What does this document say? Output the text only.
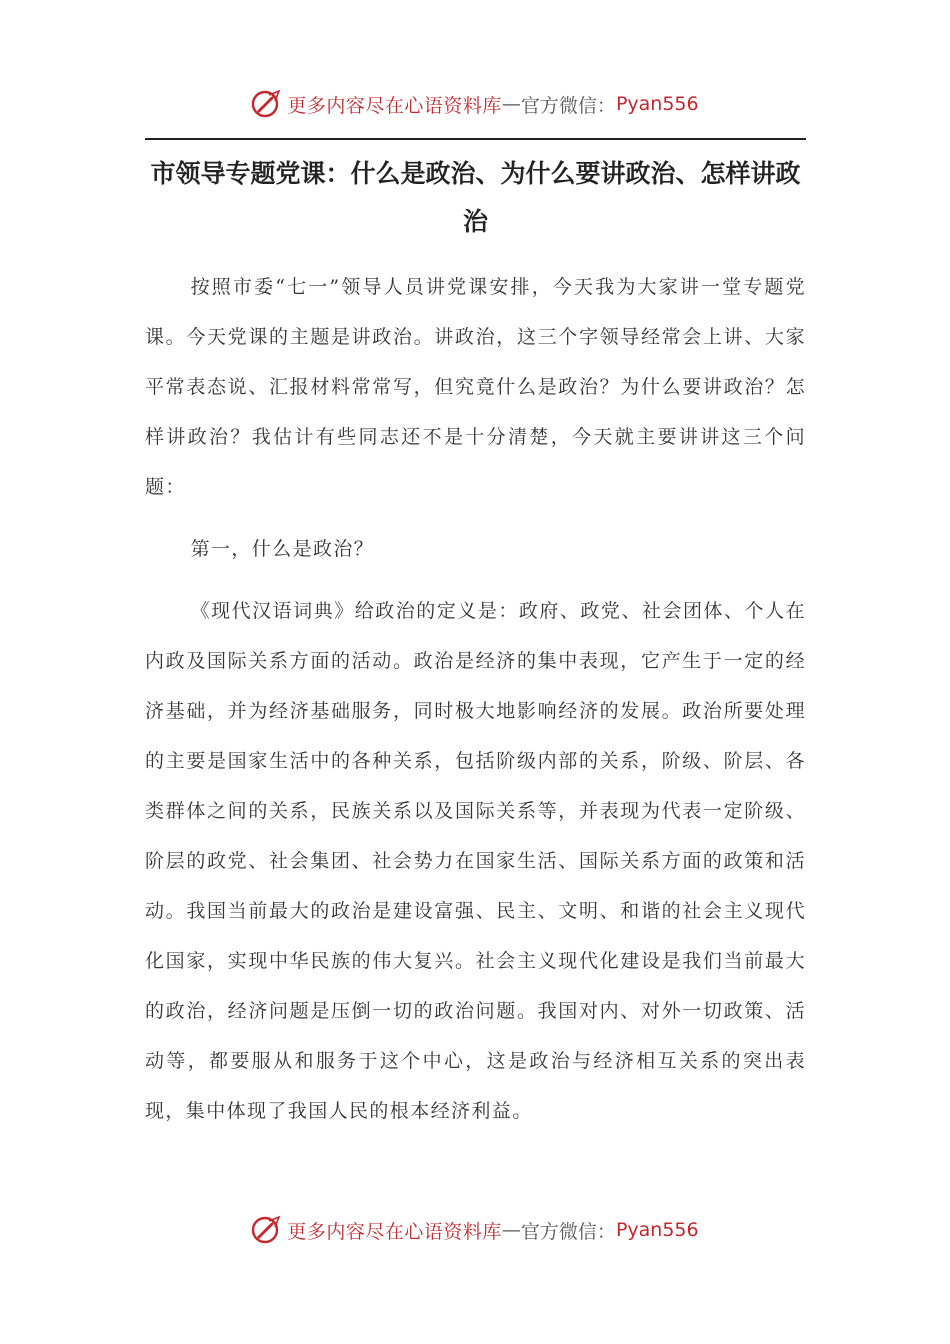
更多内容尽在心语资料库 — 官方微信： Pyan556
市领导专题党课：什么是政治、为什么要讲政治、怎样讲政治

按照市委“七一”领导人员讲党课安排，今天我为大家讲一堂专题党课。今天党课的主题是讲政治。讲政治，这三个字领导经常会上讲、大家平常表态说、汇报材料常常写，但究竟什么是政治？为什么要讲政治？怎样讲政治？我估计有些同志还不是十分清楚，今天就主要讲讲这三个问题：

第一，什么是政治？

《现代汉语词典》给政治的定义是：政府、政党、社会团体、个人在内政及国际关系方面的活动。政治是经济的集中表现，它产生于一定的经济基础，并为经济基础服务，同时极大地影响经济的发展。政治所要处理的主要是国家生活中的各种关系，包括阶级内部的关系，阶级、阶层、各类群体之间的关系，民族关系以及国际关系等，并表现为代表一定阶级、阶层的政党、社会集团、社会势力在国家生活、国际关系方面的政策和活动。我国当前最大的政治是建设富强、民主、文明、和谐的社会主义现代化国家，实现中华民族的伟大复兴。社会主义现代化建设是我们当前最大的政治，经济问题是压倒一切的政治问题。我国对内、对外一切政策、活动等，都要服从和服务于这个中心，这是政治与经济相互关系的突出表现，集中体现了我国人民的根本经济利益。

更多内容尽在心语资料库 — 官方微信： Pyan556
